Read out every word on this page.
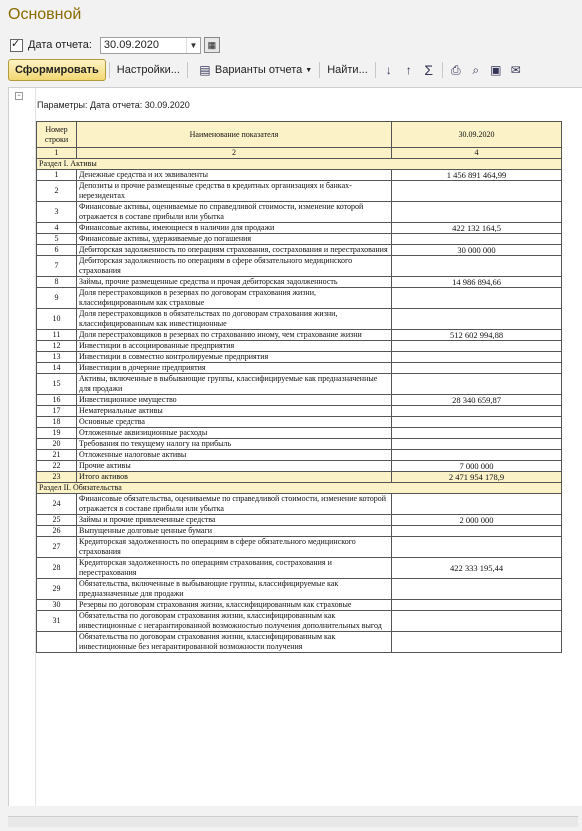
Основной
✓
Дата отчета: 30.09.2020	▼	▦
Сформировать	Настройки...	▤ Варианты отчета ▼	Найти...	↓	↑ Σ ⎙ ⌕ ▣ ✉
−
Параметры: Дата отчета: 30.09.2020
Номер строки	Наименование показателя	30.09.2020
1	2	4
Раздел I. Активы		
1	Денежные средства и их эквиваленты	1 456 891 464,99
2	Депозиты и прочие размещенные средства в кредитных организациях и банках-нерезидентах	
3	Финансовые активы, оцениваемые по справедливой стоимости, изменение которой отражается в составе прибыли или убытка	
4	Финансовые активы, имеющиеся в наличии для продажи	422 132 164,5
5	Финансовые активы, удерживаемые до погашения	
6	Дебиторская задолженность по операциям страхования, сострахования и перестрахования	30 000 000
7	Дебиторская задолженность по операциям в сфере обязательного медицинского страхования	
8	Займы, прочие размещенные средства и прочая дебиторская задолженность	14 986 894,66
9	Доля перестраховщиков в резервах по договорам страхования жизни, классифицированным как страховые	
10	Доля перестраховщиков в обязательствах по договорам страхования жизни, классифицированным как инвестиционные	
11	Доля перестраховщиков в резервах по страхованию иному, чем страхование жизни	512 602 994,88
12	Инвестиции в ассоциированные предприятия	
13	Инвестиции в совместно контролируемые предприятия	
14	Инвестиции в дочерние предприятия	
15	Активы, включенные в выбывающие группы, классифицируемые как предназначенные для продажи	
16	Инвестиционное имущество	28 340 659,87
17	Нематериальные активы	
18	Основные средства	
19	Отложенные аквизиционные расходы	
20	Требования по текущему налогу на прибыль	
21	Отложенные налоговые активы	
22	Прочие активы	7 000 000
23	Итого активов	2 471 954 178,9
Раздел II. Обязательства		
24	Финансовые обязательства, оцениваемые по справедливой стоимости, изменение которой отражается в составе прибыли или убытка	
25	Займы и прочие привлеченные средства	2 000 000
26	Выпущенные долговые ценные бумаги	
27	Кредиторская задолженность по операциям в сфере обязательного медицинского страхования	
28	Кредиторская задолженность по операциям страхования, сострахования и перестрахования	422 333 195,44
29	Обязательства, включенные в выбывающие группы, классифицируемые как предназначенные для продажи	
30	Резервы по договорам страхования жизни, классифицированным как страховые	
31	Обязательства по договорам страхования жизни, классифицированным как инвестиционные с негарантированной возможностью получения дополнительных выгод	
	Обязательства по договорам страхования жизни, классифицированным как инвестиционные без негарантированной возможности получения	
